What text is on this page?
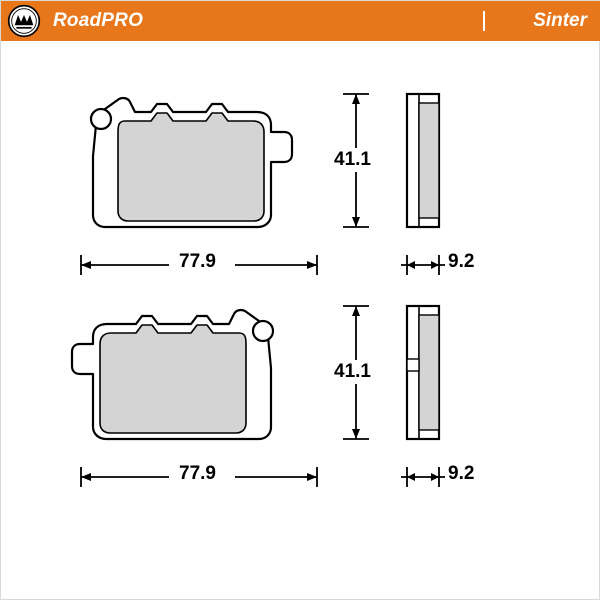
RoadPRO	Sinter
77.9
41.1
9.2
77.9
41.1
9.2
